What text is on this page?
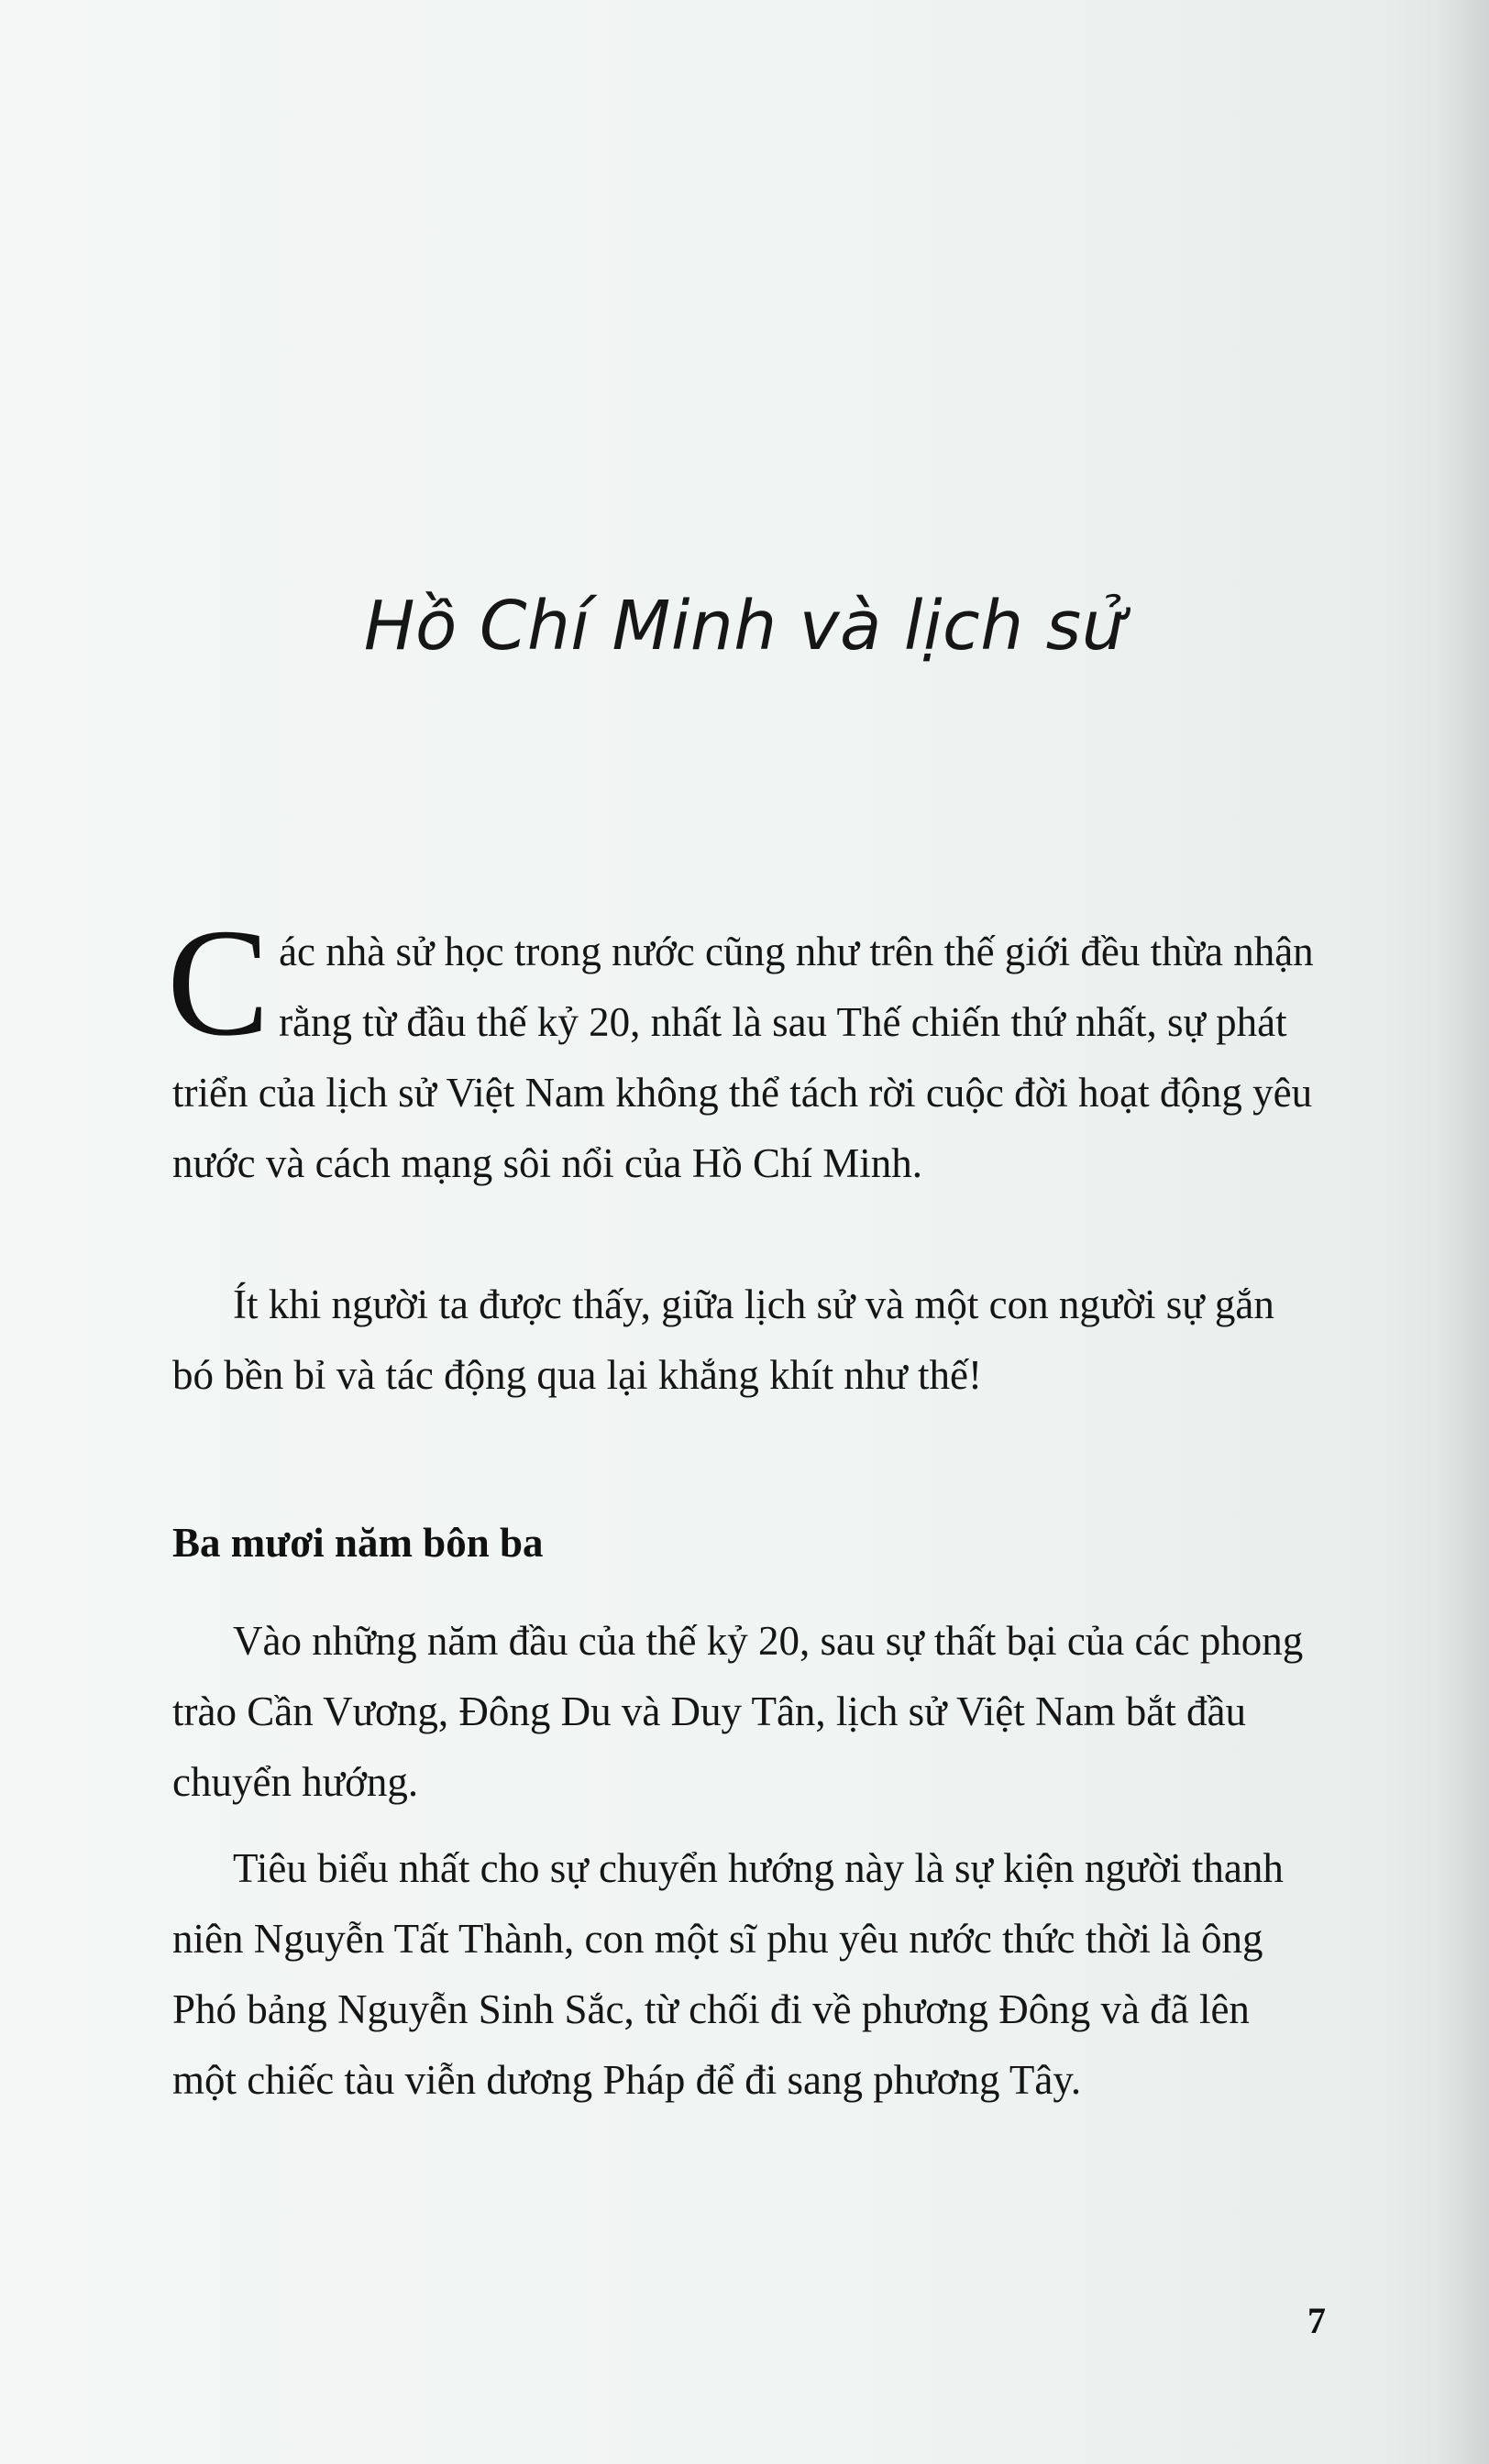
Hồ Chí Minh và lịch sử

Các nhà sử học trong nước cũng như trên thế giới đều thừa nhận rằng từ đầu thế kỷ 20, nhất là sau Thế chiến thứ nhất, sự phát triển của lịch sử Việt Nam không thể tách rời cuộc đời hoạt động yêu nước và cách mạng sôi nổi của Hồ Chí Minh.

Ít khi người ta được thấy, giữa lịch sử và một con người sự gắn bó bền bỉ và tác động qua lại khắng khít như thế!

Ba mươi năm bôn ba

Vào những năm đầu của thế kỷ 20, sau sự thất bại của các phong trào Cần Vương, Đông Du và Duy Tân, lịch sử Việt Nam bắt đầu chuyển hướng.

Tiêu biểu nhất cho sự chuyển hướng này là sự kiện người thanh niên Nguyễn Tất Thành, con một sĩ phu yêu nước thức thời là ông Phó bảng Nguyễn Sinh Sắc, từ chối đi về phương Đông và đã lên một chiếc tàu viễn dương Pháp để đi sang phương Tây.

7
